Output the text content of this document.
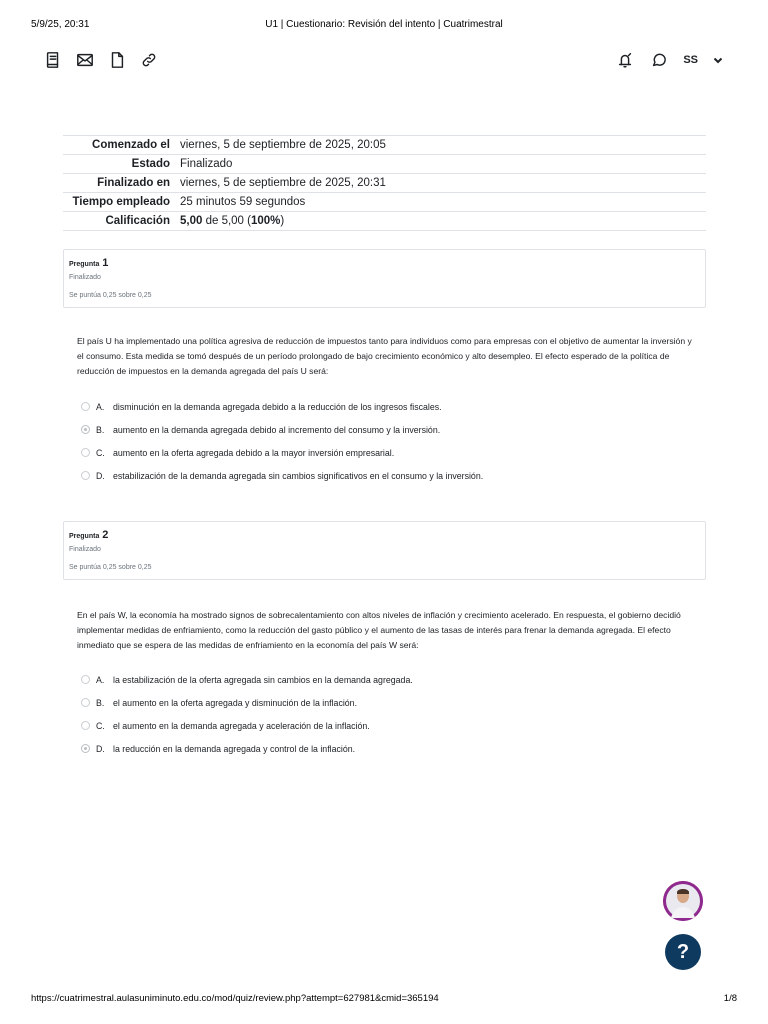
5/9/25, 20:31	U1 | Cuestionario: Revisión del intento | Cuatrimestral
SS
Comenzado el	viernes, 5 de septiembre de 2025, 20:05
Estado	Finalizado
Finalizado en	viernes, 5 de septiembre de 2025, 20:31
Tiempo empleado	25 minutos 59 segundos
Calificación	5,00 de 5,00 (100%)
Pregunta 1
Finalizado
Se puntúa 0,25 sobre 0,25
El país U ha implementado una política agresiva de reducción de impuestos tanto para individuos como para empresas con el objetivo de aumentar la inversión y el consumo. Esta medida se tomó después de un período prolongado de bajo crecimiento económico y alto desempleo. El efecto esperado de la política de reducción de impuestos en la demanda agregada del país U será:
A. disminución en la demanda agregada debido a la reducción de los ingresos fiscales.
B. aumento en la demanda agregada debido al incremento del consumo y la inversión.
C. aumento en la oferta agregada debido a la mayor inversión empresarial.
D. estabilización de la demanda agregada sin cambios significativos en el consumo y la inversión.
Pregunta 2
Finalizado
Se puntúa 0,25 sobre 0,25
En el país W, la economía ha mostrado signos de sobrecalentamiento con altos niveles de inflación y crecimiento acelerado. En respuesta, el gobierno decidió implementar medidas de enfriamiento, como la reducción del gasto público y el aumento de las tasas de interés para frenar la demanda agregada. El efecto inmediato que se espera de las medidas de enfriamiento en la economía del país W será:
A. la estabilización de la oferta agregada sin cambios en la demanda agregada.
B. el aumento en la oferta agregada y disminución de la inflación.
C. el aumento en la demanda agregada y aceleración de la inflación.
D. la reducción en la demanda agregada y control de la inflación.
?
https://cuatrimestral.aulasuniminuto.edu.co/mod/quiz/review.php?attempt=627981&cmid=365194	1/8
